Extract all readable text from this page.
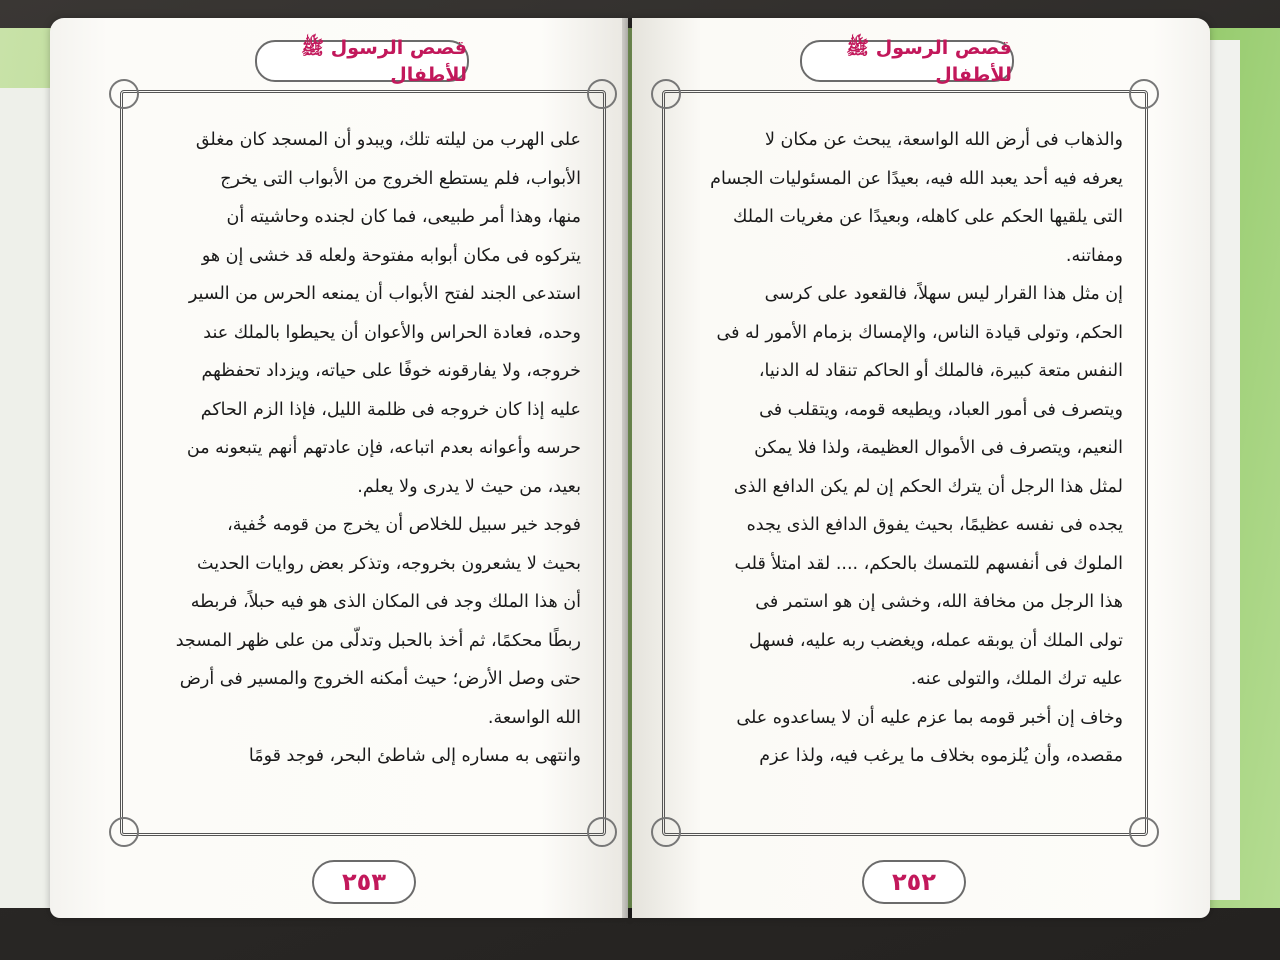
قصص الرسول ﷺ للأطفال

على الهرب من ليلته تلك، ويبدو أن المسجد كان مغلق

الأبواب، فلم يستطع الخروج من الأبواب التى يخرج

منها، وهذا أمر طبيعى، فما كان لجنده وحاشيته أن

يتركوه فى مكان أبوابه مفتوحة ولعله قد خشى إن هو

استدعى الجند لفتح الأبواب أن يمنعه الحرس من السير

وحده، فعادة الحراس والأعوان أن يحيطوا بالملك عند

خروجه، ولا يفارقونه خوفًا على حياته، ويزداد تحفظهم

عليه إذا كان خروجه فى ظلمة الليل، فإذا الزم الحاكم

حرسه وأعوانه بعدم اتباعه، فإن عادتهم أنهم يتبعونه من

بعيد، من حيث لا يدرى ولا يعلم.

فوجد خير سبيل للخلاص أن يخرج من قومه خُفية،

بحيث لا يشعرون بخروجه، وتذكر بعض روايات الحديث

أن هذا الملك وجد فى المكان الذى هو فيه حبلاً، فربطه

ربطًا محكمًا، ثم أخذ بالحبل وتدلّى من على ظهر المسجد

حتى وصل الأرض؛ حيث أمكنه الخروج والمسير فى أرض

الله الواسعة.

وانتهى به مساره إلى شاطئ البحر، فوجد قومًا

٢٥٣
قصص الرسول ﷺ للأطفال

والذهاب فى أرض الله الواسعة، يبحث عن مكان لا

يعرفه فيه أحد يعبد الله فيه، بعيدًا عن المسئوليات الجسام

التى يلقيها الحكم على كاهله، وبعيدًا عن مغريات الملك

ومفاتنه.

إن مثل هذا القرار ليس سهلاً، فالقعود على كرسى

الحكم، وتولى قيادة الناس، والإمساك بزمام الأمور له فى

النفس متعة كبيرة، فالملك أو الحاكم تنقاد له الدنيا،

ويتصرف فى أمور العباد، ويطيعه قومه، ويتقلب فى

النعيم، ويتصرف فى الأموال العظيمة، ولذا فلا يمكن

لمثل هذا الرجل أن يترك الحكم إن لم يكن الدافع الذى

يجده فى نفسه عظيمًا، بحيث يفوق الدافع الذى يجده

الملوك فى أنفسهم للتمسك بالحكم، .... لقد امتلأ قلب

هذا الرجل من مخافة الله، وخشى إن هو استمر فى

تولى الملك أن يوبقه عمله، ويغضب ربه عليه، فسهل

عليه ترك الملك، والتولى عنه.

وخاف إن أخبر قومه بما عزم عليه أن لا يساعدوه على

مقصده، وأن يُلزموه بخلاف ما يرغب فيه، ولذا عزم

٢٥٢
